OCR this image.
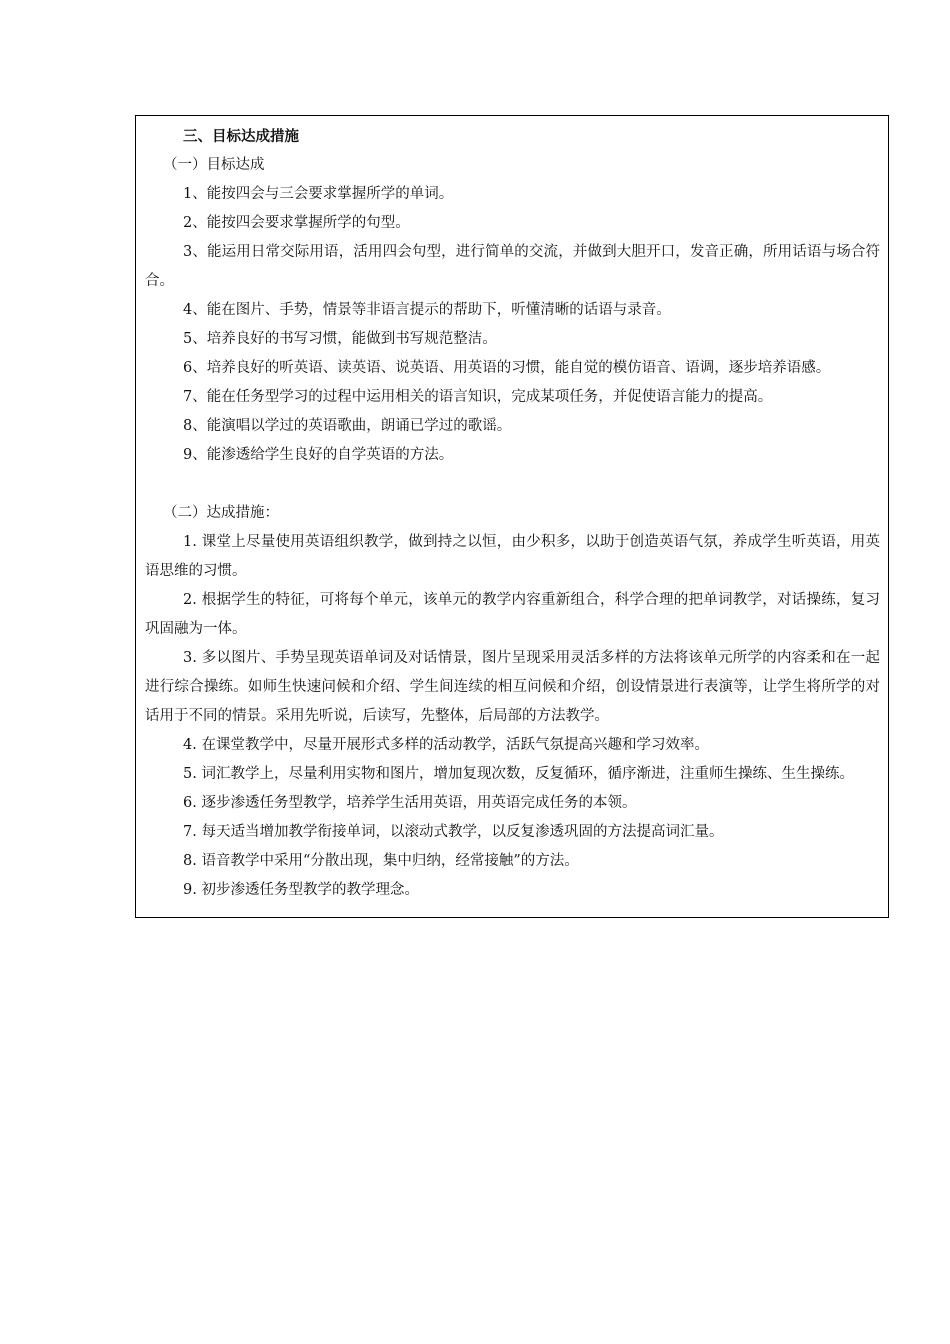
三、目标达成措施

（一）目标达成

1、能按四会与三会要求掌握所学的单词。

2、能按四会要求掌握所学的句型。

3、能运用日常交际用语，活用四会句型，进行简单的交流，并做到大胆开口，发音正确，所用话语与场合符合。

4、能在图片、手势，情景等非语言提示的帮助下，听懂清晰的话语与录音。

5、培养良好的书写习惯，能做到书写规范整洁。

6、培养良好的听英语、读英语、说英语、用英语的习惯，能自觉的模仿语音、语调，逐步培养语感。

7、能在任务型学习的过程中运用相关的语言知识，完成某项任务，并促使语言能力的提高。

8、能演唱以学过的英语歌曲，朗诵已学过的歌谣。

9、能渗透给学生良好的自学英语的方法。

（二）达成措施：

1. 课堂上尽量使用英语组织教学，做到持之以恒，由少积多，以助于创造英语气氛，养成学生听英语，用英语思维的习惯。

2. 根据学生的特征，可将每个单元，该单元的教学内容重新组合，科学合理的把单词教学，对话操练，复习巩固融为一体。

3. 多以图片、手势呈现英语单词及对话情景，图片呈现采用灵活多样的方法将该单元所学的内容柔和在一起进行综合操练。如师生快速问候和介绍、学生间连续的相互问候和介绍，创设情景进行表演等，让学生将所学的对话用于不同的情景。采用先听说，后读写，先整体，后局部的方法教学。

4. 在课堂教学中，尽量开展形式多样的活动教学，活跃气氛提高兴趣和学习效率。

5. 词汇教学上，尽量利用实物和图片，增加复现次数，反复循环，循序渐进，注重师生操练、生生操练。

6. 逐步渗透任务型教学，培养学生活用英语，用英语完成任务的本领。

7. 每天适当增加教学衔接单词，以滚动式教学，以反复渗透巩固的方法提高词汇量。

8. 语音教学中采用“分散出现，集中归纳，经常接触”的方法。

9. 初步渗透任务型教学的教学理念。
